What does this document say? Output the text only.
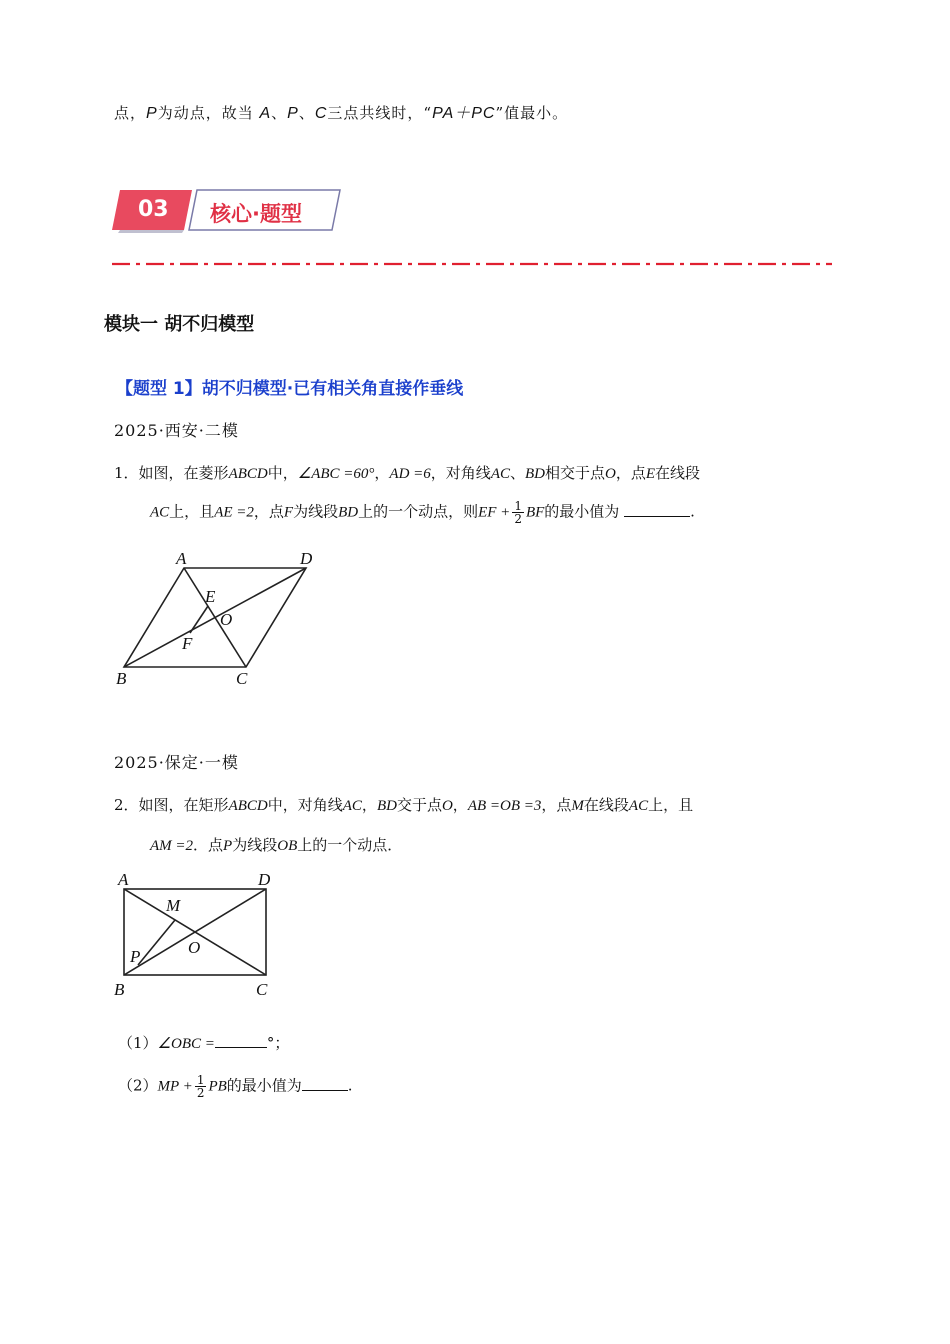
点，P为动点，故当 A、P、C三点共线时，“PA＋PC”值最小。
03 核心·题型
模块一 胡不归模型
【题型 1】胡不归模型·已有相关角直接作垂线
2025·西安·二模
1．如图，在菱形ABCD中，∠ABC =60°，AD =6，对角线AC、BD相交于点O，点E在线段
AC上，且AE =2，点F为线段BD上的一个动点，则EF + $\frac{1}{2}$ BF的最小值为	.
A	D
B	C
E
O
F
2025·保定·一模
2．如图，在矩形ABCD中，对角线AC，BD交于点O，AB =OB =3，点M在线段AC上，且
AM =2．点P为线段OB上的一个动点．
A	D
B	C
M
O
P
（1）∠OBC =	°；
$(2)MP + \frac{1}{2}$ PB的最小值为	.
